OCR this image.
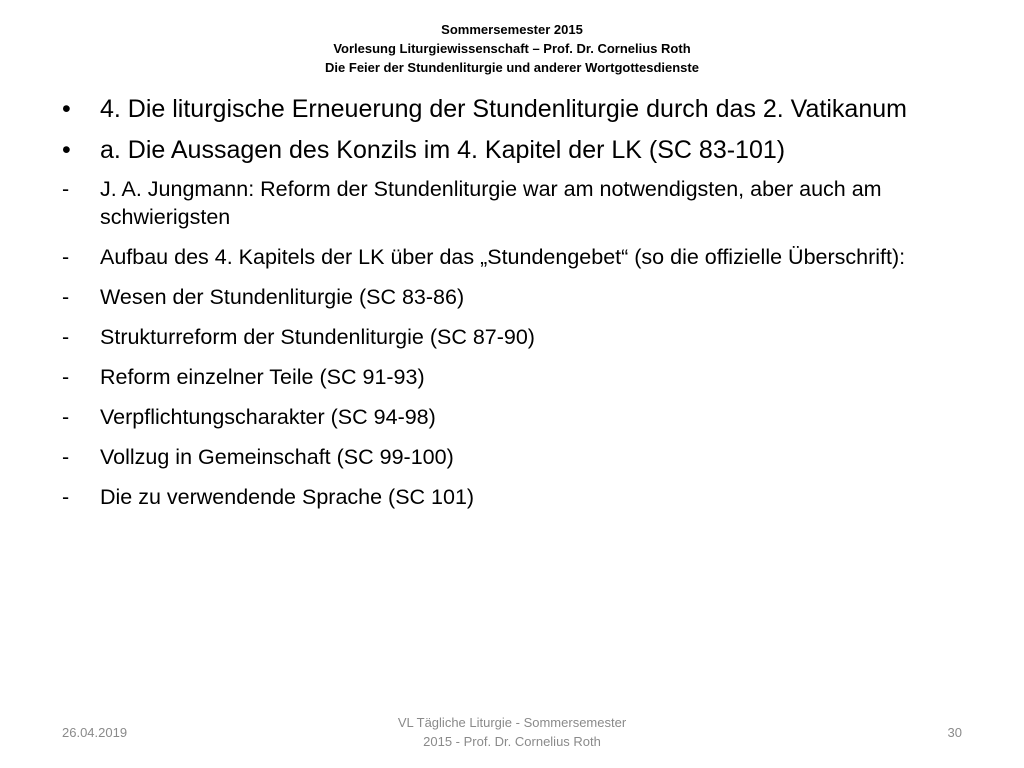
Sommersemester 2015
Vorlesung Liturgiewissenschaft – Prof. Dr. Cornelius Roth
Die Feier der Stundenliturgie und anderer Wortgottesdienste
•	4. Die liturgische Erneuerung der Stundenliturgie durch das 2. Vatikanum
•	a. Die Aussagen des Konzils im 4. Kapitel der LK (SC 83-101)
-	J. A. Jungmann: Reform der Stundenliturgie war am notwendigsten, aber auch am schwierigsten
-	Aufbau des 4. Kapitels der LK über das „Stundengebet“ (so die offizielle Überschrift):
-	Wesen der Stundenliturgie (SC 83-86)
-	Strukturreform der Stundenliturgie (SC 87-90)
-	Reform einzelner Teile (SC 91-93)
-	Verpflichtungscharakter (SC 94-98)
-	Vollzug in Gemeinschaft (SC 99-100)
-	Die zu verwendende Sprache (SC 101)
26.04.2019
VL Tägliche Liturgie - Sommersemester
2015 - Prof. Dr. Cornelius Roth
30
